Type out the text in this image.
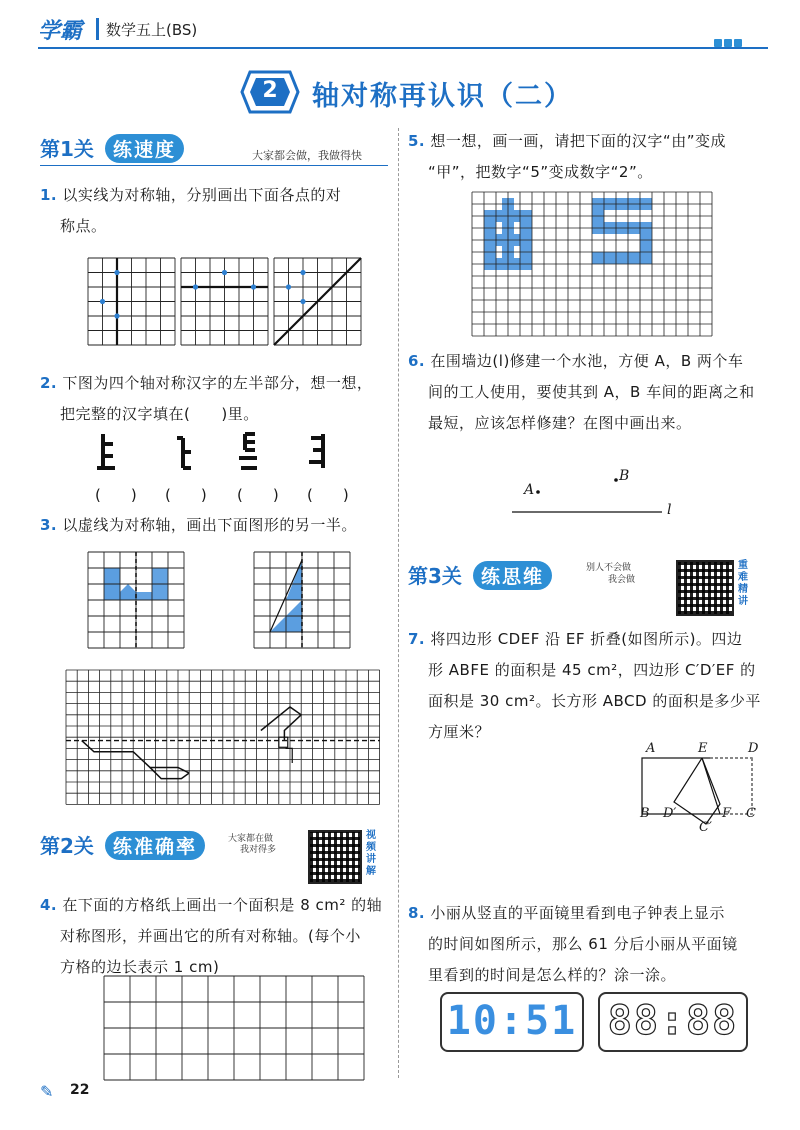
学霸 数学五上(BS)
2	轴对称再认识（二）
第1关 练速度	大家都会做，我做得快
1. 以实线为对称轴，分别画出下面各点的对
称点。
2. 下图为四个轴对称汉字的左半部分，想一想，
把完整的汉字填在(　　)里。
(　　) (　　) (　　) (　　)
3. 以虚线为对称轴，画出下面图形的另一半。
第2关 练准确率	大家都在做
我对得多
视频讲解
4. 在下面的方格纸上画出一个面积是 8 cm² 的轴
对称图形，并画出它的所有对称轴。(每个小
方格的边长表示 1 cm)
5. 想一想，画一画，请把下面的汉字“由”变成
“甲”，把数字“5”变成数字“2”。
6. 在围墙边(l)修建一个水池，方便 A，B 两个车
间的工人使用，要使其到 A，B 车间的距离之和
最短，应该怎样修建？在图中画出来。
A
B
l
第3关 练思维	别人不会做
我会做
重难精讲
7. 将四边形 CDEF 沿 EF 折叠(如图所示)。四边
形 ABFE 的面积是 45 cm²，四边形 C′D′EF 的
面积是 30 cm²。长方形 ABCD 的面积是多少平
方厘米？
A	E	D
B D′	F C
C′
8. 小丽从竖直的平面镜里看到电子钟表上显示
的时间如图所示，那么 61 分后小丽从平面镜
里看到的时间是怎么样的？涂一涂。
10:51 88:88
✎ 22
